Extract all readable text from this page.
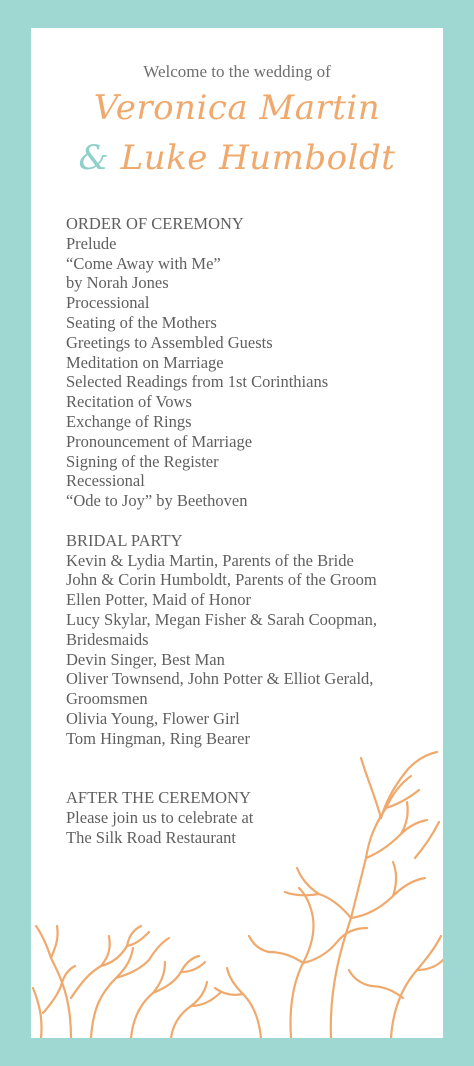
Welcome to the wedding of
Veronica Martin
& Luke Humboldt
ORDER OF CEREMONY
Prelude
“Come Away with Me”
by Norah Jones
Processional
Seating of the Mothers
Greetings to Assembled Guests
Meditation on Marriage
Selected Readings from 1st Corinthians
Recitation of Vows
Exchange of Rings
Pronouncement of Marriage
Signing of the Register
Recessional
“Ode to Joy” by Beethoven
BRIDAL PARTY
Kevin & Lydia Martin, Parents of the Bride
John & Corin Humboldt, Parents of the Groom
Ellen Potter, Maid of Honor
Lucy Skylar, Megan Fisher & Sarah Coopman,
Bridesmaids
Devin Singer, Best Man
Oliver Townsend, John Potter & Elliot Gerald,
Groomsmen
Olivia Young, Flower Girl
Tom Hingman, Ring Bearer
AFTER THE CEREMONY
Please join us to celebrate at
The Silk Road Restaurant
